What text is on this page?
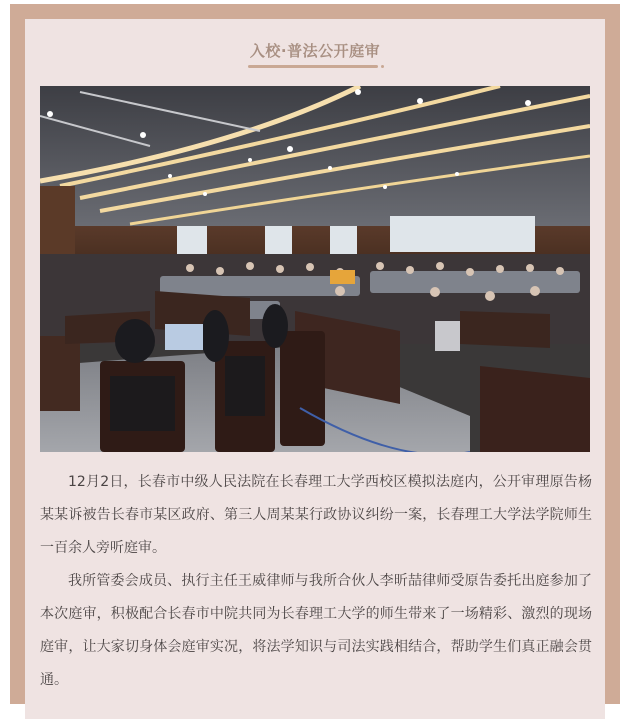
入校·普法公开庭审

12月2日，长春市中级人民法院在长春理工大学西校区模拟法庭内，公开审理原告杨某某诉被告长春市某区政府、第三人周某某行政协议纠纷一案，长春理工大学法学院师生一百余人旁听庭审。

我所管委会成员、执行主任王威律师与我所合伙人李昕喆律师受原告委托出庭参加了本次庭审，积极配合长春市中院共同为长春理工大学的师生带来了一场精彩、激烈的现场庭审，让大家切身体会庭审实况，将法学知识与司法实践相结合，帮助学生们真正融会贯通。
